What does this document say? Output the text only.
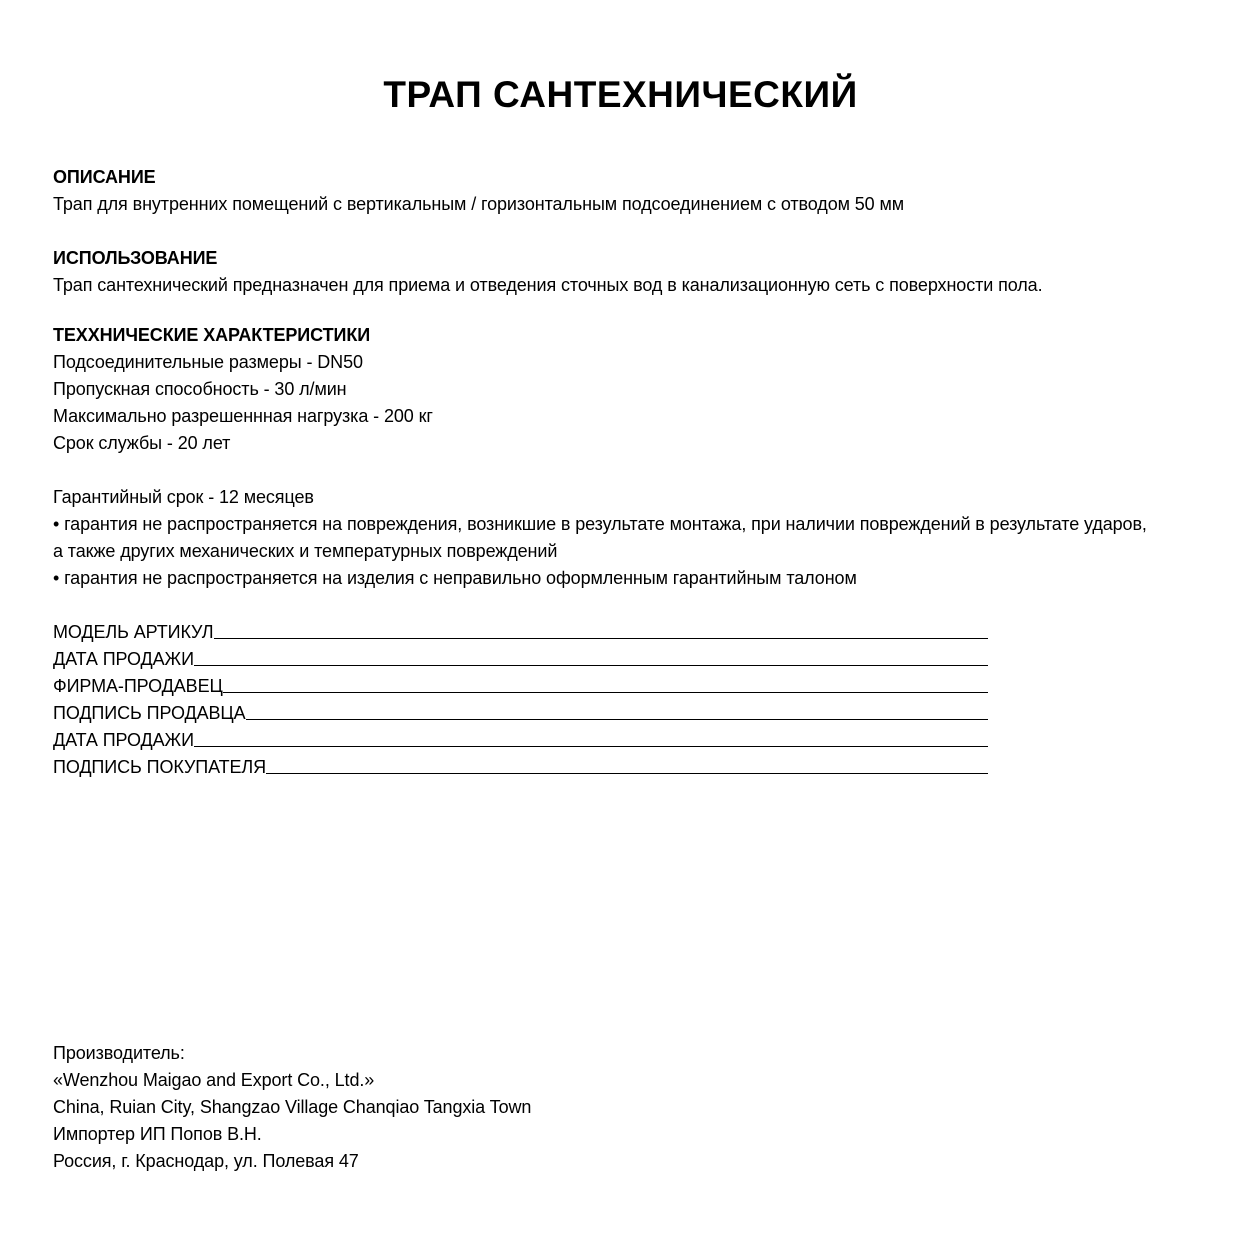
ТРАП САНТЕХНИЧЕСКИЙ
ОПИСАНИЕ
Трап для внутренних помещений с вертикальным / горизонтальным подсоединением с отводом 50 мм
ИСПОЛЬЗОВАНИЕ
Трап сантехнический предназначен для приема и отведения сточных вод в канализационную сеть с поверхности пола.
ТЕХХНИЧЕСКИЕ ХАРАКТЕРИСТИКИ
Подсоединительные размеры - DN50
Пропускная способность - 30 л/мин
Максимально разрешеннная нагрузка - 200 кг
Срок службы - 20 лет
Гарантийный срок - 12 месяцев
• гарантия не распространяется на повреждения, возникшие в результате монтажа, при наличии повреждений в результате ударов, а также других механических и температурных повреждений
• гарантия не распространяется на изделия с неправильно оформленным гарантийным талоном
МОДЕЛЬ АРТИКУЛ
ДАТА ПРОДАЖИ
ФИРМА-ПРОДАВЕЦ
ПОДПИСЬ ПРОДАВЦА
ДАТА ПРОДАЖИ
ПОДПИСЬ ПОКУПАТЕЛЯ
Производитель:
«Wenzhou Maigao and Export Co., Ltd.»
China, Ruian City, Shangzao Village Chanqiao Tangxia Town
Импортер ИП Попов В.Н.
Россия, г. Краснодар, ул. Полевая 47
